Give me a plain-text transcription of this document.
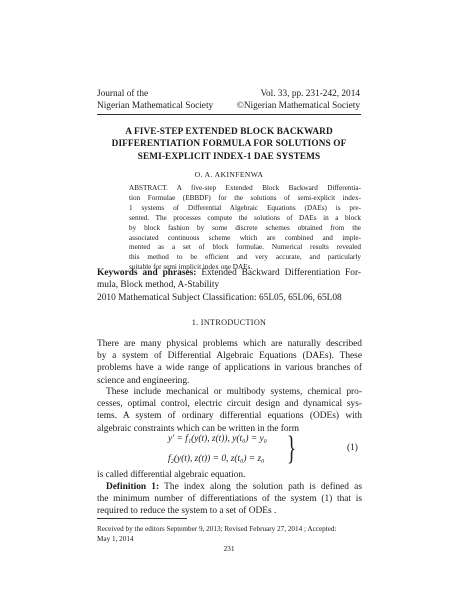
Journal of the
Nigerian Mathematical Society
Vol. 33, pp. 231-242, 2014
©Nigerian Mathematical Society
A FIVE-STEP EXTENDED BLOCK BACKWARD
DIFFERENTIATION FORMULA FOR SOLUTIONS OF
SEMI-EXPLICIT INDEX-1 DAE SYSTEMS
O. A. AKINFENWA
ABSTRACT. A five-step Extended Block Backward Differentia-
tion Formulae (EBBDF) for the solutions of semi-explicit index-
1 systems of Differential Algebraic Equations (DAEs) is pre-
sented. The processes compute the solutions of DAEs in a block
by block fashion by some discrete schemes obtained from the
associated continuous scheme which are combined and imple-
mented as a set of block formulae. Numerical results revealed
this method to be efficient and very accurate, and particularly
suitable for semi implicit index one DAEs.
Keywords and phrases: Extended Backward Differentiation For-
mula, Block method, A-Stability
2010 Mathematical Subject Classification: 65L05, 65L06, 65L08
1. INTRODUCTION
There are many physical problems which are naturally described
by a system of Differential Algebraic Equations (DAEs). These
problems have a wide range of applications in various branches of
science and engineering.
These include mechanical or multibody systems, chemical pro-
cesses, optimal control, electric circuit design and dynamical sys-
tems. A system of ordinary differential equations (ODEs) with
algebraic constraints which can be written in the form
y′ = f₁(y(t), z(t)), y(t₀) = y₀
f₂(y(t), z(t)) = 0, z(t₀) = z₀ }	(1)
is called differential algebraic equation.
Definition 1: The index along the solution path is defined as
the minimum number of differentiations of the system (1) that is
required to reduce the system to a set of ODEs .
Received by the editors September 9, 2013; Revised February 27, 2014 ; Accepted:
May 1, 2014
231
